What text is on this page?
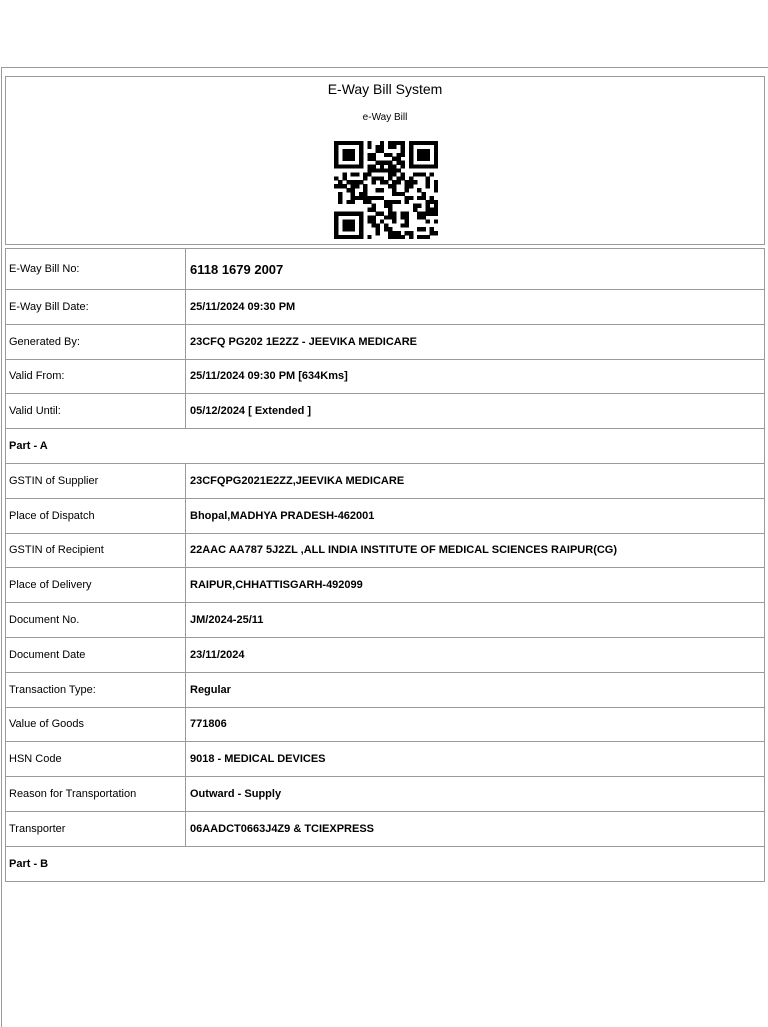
E-Way Bill System
e-Way Bill
E-Way Bill No:	6118 1679 2007
E-Way Bill Date:	25/11/2024 09:30 PM
Generated By:	23CFQ PG202 1E2ZZ - JEEVIKA MEDICARE
Valid From:	25/11/2024 09:30 PM [634Kms]
Valid Until:	05/12/2024 [ Extended ]
Part - A	
GSTIN of Supplier	23CFQPG2021E2ZZ,JEEVIKA MEDICARE
Place of Dispatch	Bhopal,MADHYA PRADESH-462001
GSTIN of Recipient	22AAC AA787 5J2ZL ,ALL INDIA INSTITUTE OF MEDICAL SCIENCES RAIPUR(CG)
Place of Delivery	RAIPUR,CHHATTISGARH-492099
Document No.	JM/2024-25/11
Document Date	23/11/2024
Transaction Type:	Regular
Value of Goods	771806
HSN Code	9018 - MEDICAL DEVICES
Reason for Transportation	Outward - Supply
Transporter	06AADCT0663J4Z9 & TCIEXPRESS
Part - B	
